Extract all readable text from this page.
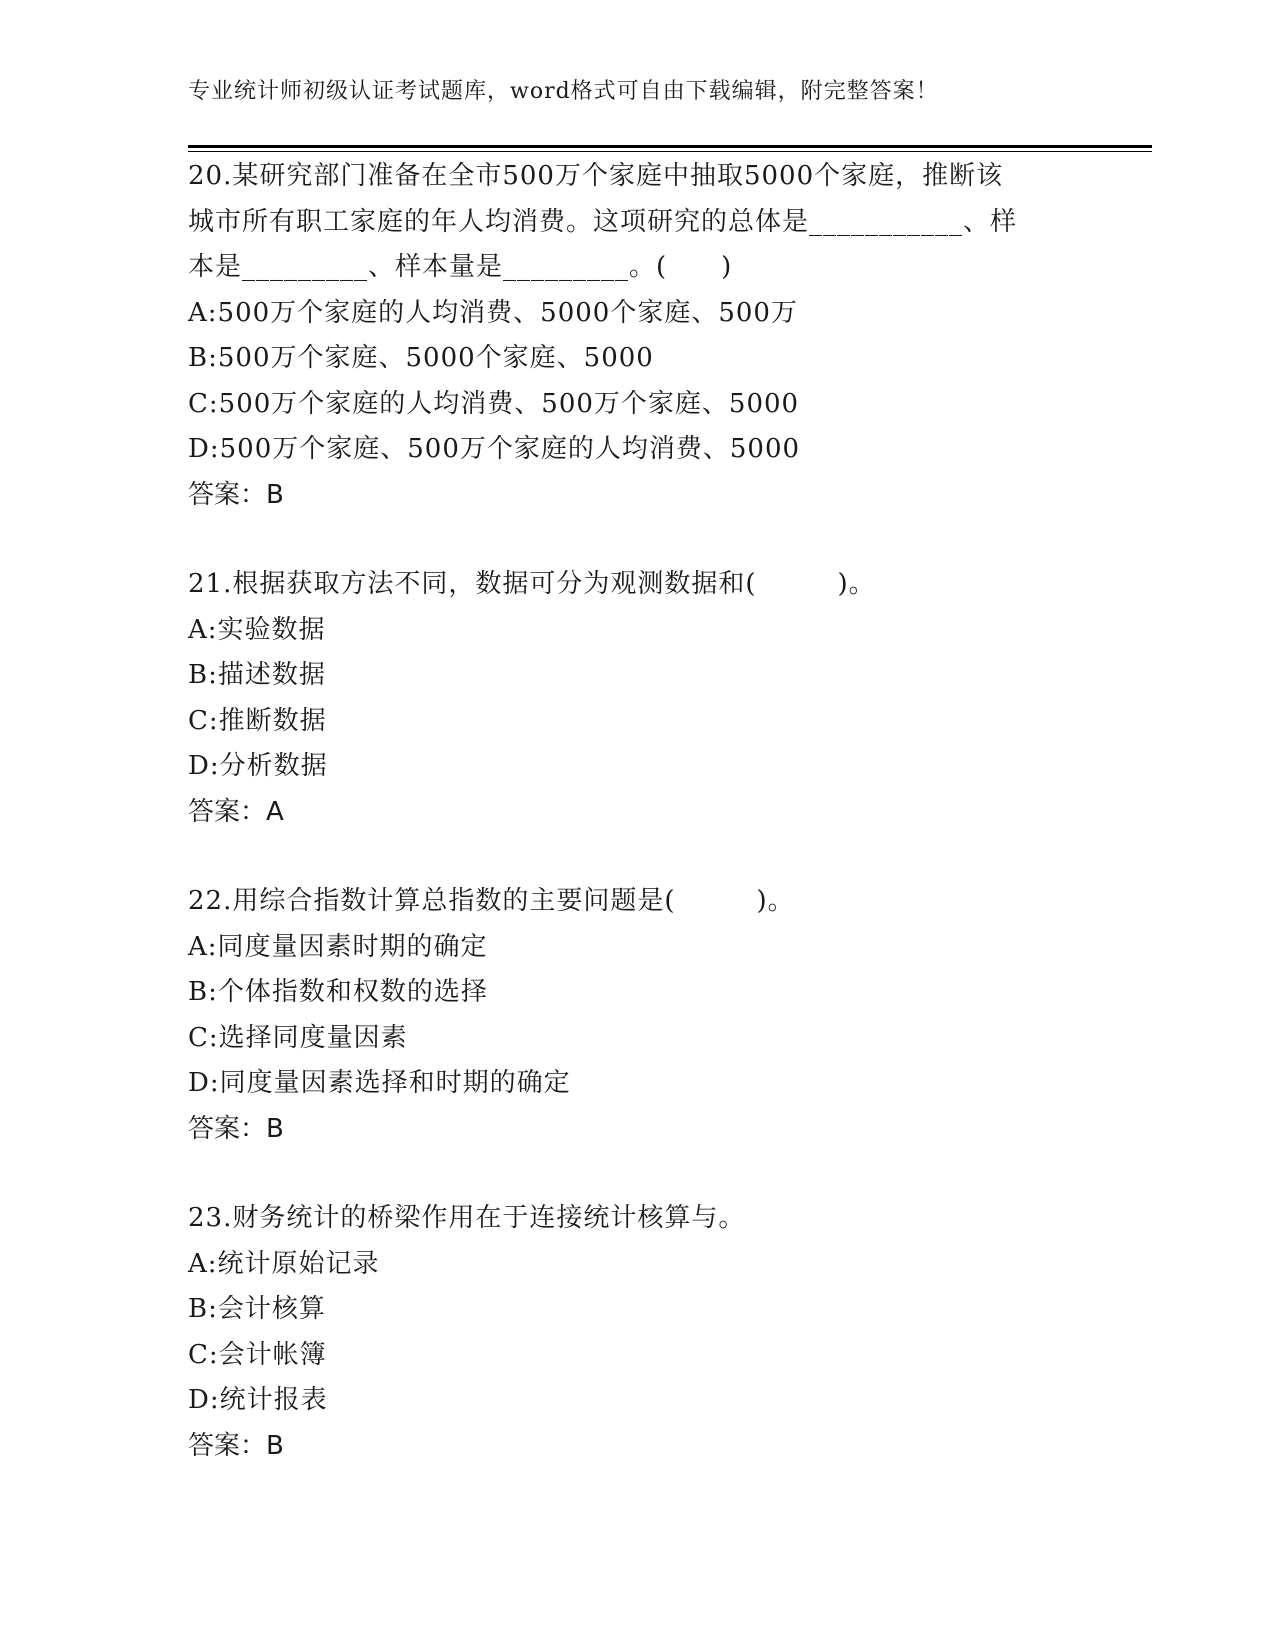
专业统计师初级认证考试题库，word格式可自由下载编辑，附完整答案！
20.某研究部门准备在全市500万个家庭中抽取5000个家庭，推断该
城市所有职工家庭的年人均消费。这项研究的总体是___________、样
本是_________、样本量是_________。(　　)
A:500万个家庭的人均消费、5000个家庭、500万
B:500万个家庭、5000个家庭、5000
C:500万个家庭的人均消费、500万个家庭、5000
D:500万个家庭、500万个家庭的人均消费、5000
答案：B
21.根据获取方法不同，数据可分为观测数据和(　　　)。
A:实验数据
B:描述数据
C:推断数据
D:分析数据
答案：A
22.用综合指数计算总指数的主要问题是(　　　)。
A:同度量因素时期的确定
B:个体指数和权数的选择
C:选择同度量因素
D:同度量因素选择和时期的确定
答案：B
23.财务统计的桥梁作用在于连接统计核算与。
A:统计原始记录
B:会计核算
C:会计帐簿
D:统计报表
答案：B
